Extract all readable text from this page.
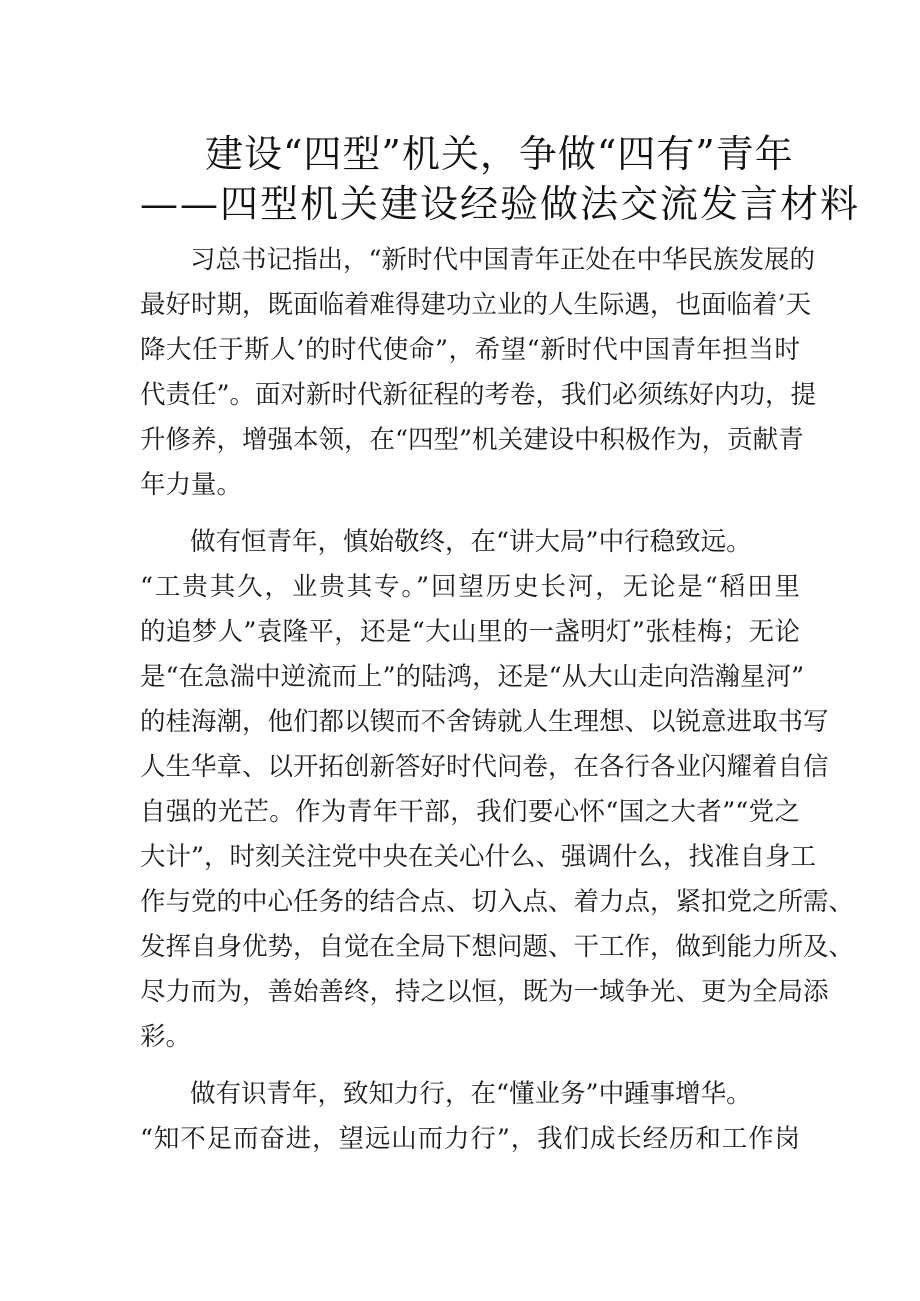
建设“四型”机关，争做“四有”青年
——四型机关建设经验做法交流发言材料

习总书记指出，“新时代中国青年正处在中华民族发展的

最好时期，既面临着难得建功立业的人生际遇，也面临着’天

降大任于斯人’的时代使命”，希望“新时代中国青年担当时

代责任”。面对新时代新征程的考卷，我们必须练好内功，提

升修养，增强本领，在“四型”机关建设中积极作为，贡献青

年力量。

做有恒青年，慎始敬终，在“讲大局”中行稳致远。

“工贵其久，业贵其专。”回望历史长河，无论是“稻田里

的追梦人”袁隆平，还是“大山里的一盏明灯”张桂梅；无论

是“在急湍中逆流而上”的陆鸿，还是“从大山走向浩瀚星河”

的桂海潮，他们都以锲而不舍铸就人生理想、以锐意进取书写

人生华章、以开拓创新答好时代问卷，在各行各业闪耀着自信

自强的光芒。作为青年干部，我们要心怀“国之大者”“党之

大计”，时刻关注党中央在关心什么、强调什么，找准自身工

作与党的中心任务的结合点、切入点、着力点，紧扣党之所需、

发挥自身优势，自觉在全局下想问题、干工作，做到能力所及、

尽力而为，善始善终，持之以恒，既为一域争光、更为全局添

彩。

做有识青年，致知力行，在“懂业务”中踵事增华。

“知不足而奋进，望远山而力行”，我们成长经历和工作岗
